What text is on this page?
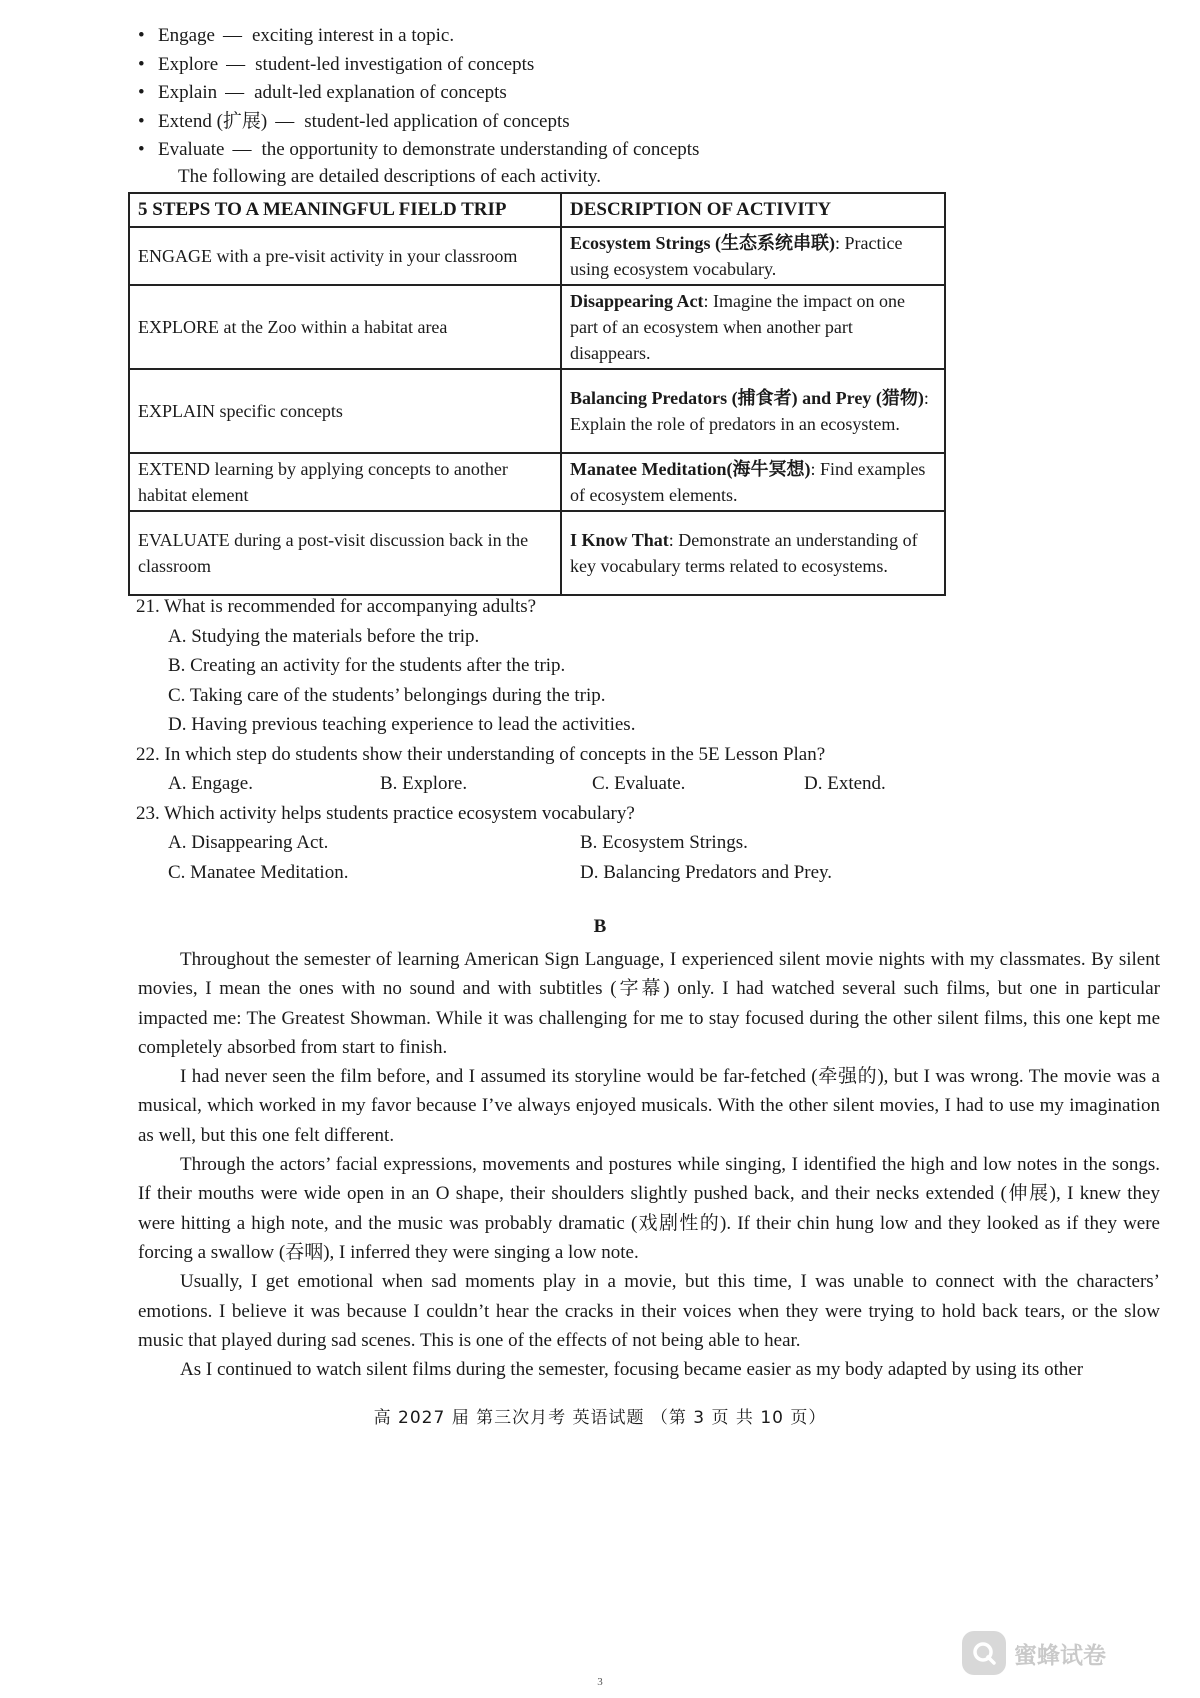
• Engage — exciting interest in a topic.
• Explore — student-led investigation of concepts
• Explain — adult-led explanation of concepts
• Extend (扩展) — student-led application of concepts
• Evaluate — the opportunity to demonstrate understanding of concepts
The following are detailed descriptions of each activity.
5 STEPS TO A MEANINGFUL FIELD TRIP	DESCRIPTION OF ACTIVITY
ENGAGE with a pre-visit activity in your classroom	Ecosystem Strings (生态系统串联): Practice using ecosystem vocabulary.
EXPLORE at the Zoo within a habitat area	Disappearing Act: Imagine the impact on one part of an ecosystem when another part disappears.
EXPLAIN specific concepts	Balancing Predators (捕食者) and Prey (猎物): Explain the role of predators in an ecosystem.
EXTEND learning by applying concepts to another habitat element	Manatee Meditation(海牛冥想): Find examples of ecosystem elements.
EVALUATE during a post-visit discussion back in the classroom	I Know That: Demonstrate an understanding of key vocabulary terms related to ecosystems.

21. What is recommended for accompanying adults?

A. Studying the materials before the trip.
B. Creating an activity for the students after the trip.
C. Taking care of the students’ belongings during the trip.
D. Having previous teaching experience to lead the activities.

22. In which step do students show their understanding of concepts in the 5E Lesson Plan?

A. Engage.	B. Explore.	C. Evaluate.	D. Extend.

23. Which activity helps students practice ecosystem vocabulary?

A. Disappearing Act.	B. Ecosystem Strings.
C. Manatee Meditation.	D. Balancing Predators and Prey.
B

Throughout the semester of learning American Sign Language, I experienced silent movie nights with my classmates. By silent movies, I mean the ones with no sound and with subtitles (字幕) only. I had watched several such films, but one in particular impacted me: The Greatest Showman. While it was challenging for me to stay focused during the other silent films, this one kept me completely absorbed from start to finish.

I had never seen the film before, and I assumed its storyline would be far-fetched (牵强的), but I was wrong. The movie was a musical, which worked in my favor because I’ve always enjoyed musicals. With the other silent movies, I had to use my imagination as well, but this one felt different.

Through the actors’ facial expressions, movements and postures while singing, I identified the high and low notes in the songs. If their mouths were wide open in an O shape, their shoulders slightly pushed back, and their necks extended (伸展), I knew they were hitting a high note, and the music was probably dramatic (戏剧性的). If their chin hung low and they looked as if they were forcing a swallow (吞咽), I inferred they were singing a low note.

Usually, I get emotional when sad moments play in a movie, but this time, I was unable to connect with the characters’ emotions. I believe it was because I couldn’t hear the cracks in their voices when they were trying to hold back tears, or the slow music that played during sad scenes. This is one of the effects of not being able to hear.

As I continued to watch silent films during the semester, focusing became easier as my body adapted by using its other

高 2027 届 第三次月考 英语试题 （第 3 页 共 10 页）
3
蜜蜂试卷
